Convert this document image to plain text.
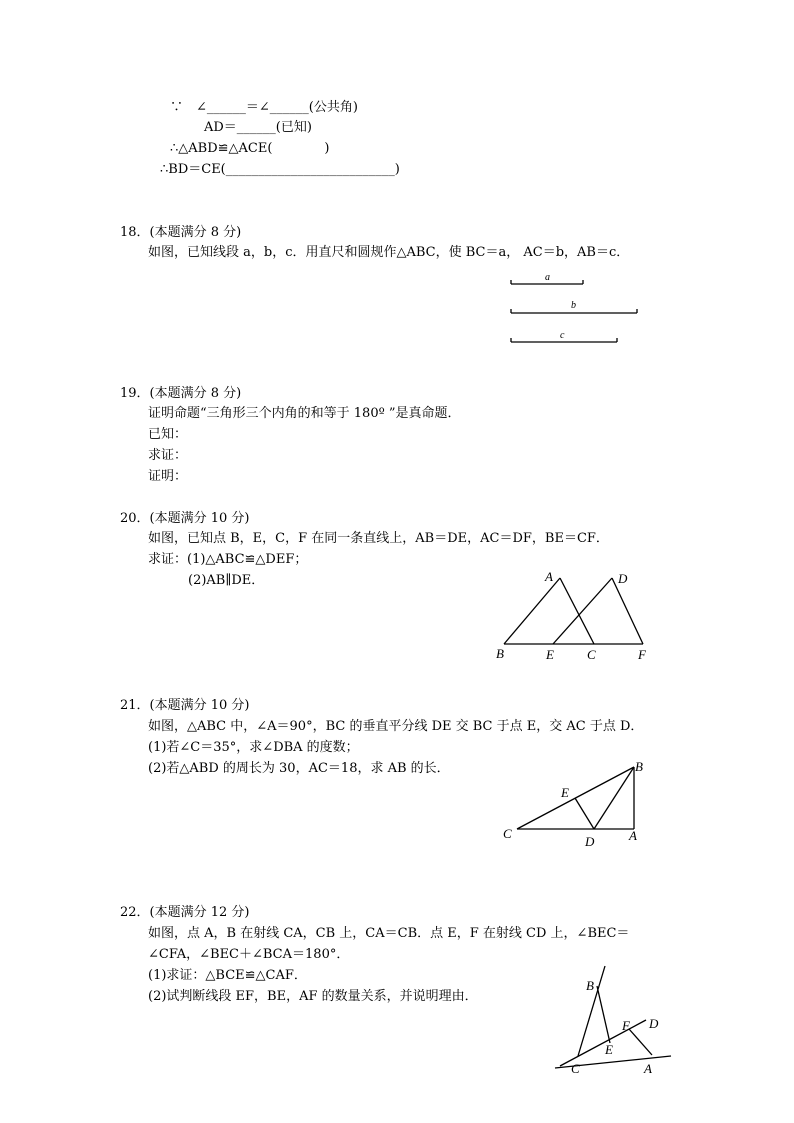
∵　∠______＝∠______(公共角)
AD＝______(已知)
∴△ABD≌△ACE(　　　　)
∴BD＝CE(__________________________)
18．(本题满分 8 分)
如图，已知线段 a，b，c．用直尺和圆规作△ABC，使 BC＝a， AC＝b，AB＝c．
a
b
c
19．(本题满分 8 分)
证明命题“三角形三个内角的和等于 180º ”是真命题．
已知：
求证：
证明：
20．(本题满分 10 分)
如图，已知点 B，E，C，F 在同一条直线上，AB＝DE，AC＝DF，BE＝CF．
求证：(1)△ABC≌△DEF；
(2)AB∥DE．	A	D
B	E	C	F
21．(本题满分 10 分)
如图，△ABC 中，∠A＝90°，BC 的垂直平分线 DE 交 BC 于点 E，交 AC 于点 D．
(1)若∠C＝35°，求∠DBA 的度数；
(2)若△ABD 的周长为 30，AC＝18，求 AB 的长．	B
E
C
D	A
22．(本题满分 12 分)
如图，点 A，B 在射线 CA，CB 上，CA＝CB．点 E，F 在射线 CD 上，∠BEC＝
∠CFA，∠BEC＋∠BCA＝180°．
(1)求证：△BCE≌△CAF．
(2)试判断线段 EF，BE，AF 的数量关系，并说明理由．
B
F D
E
C	A
